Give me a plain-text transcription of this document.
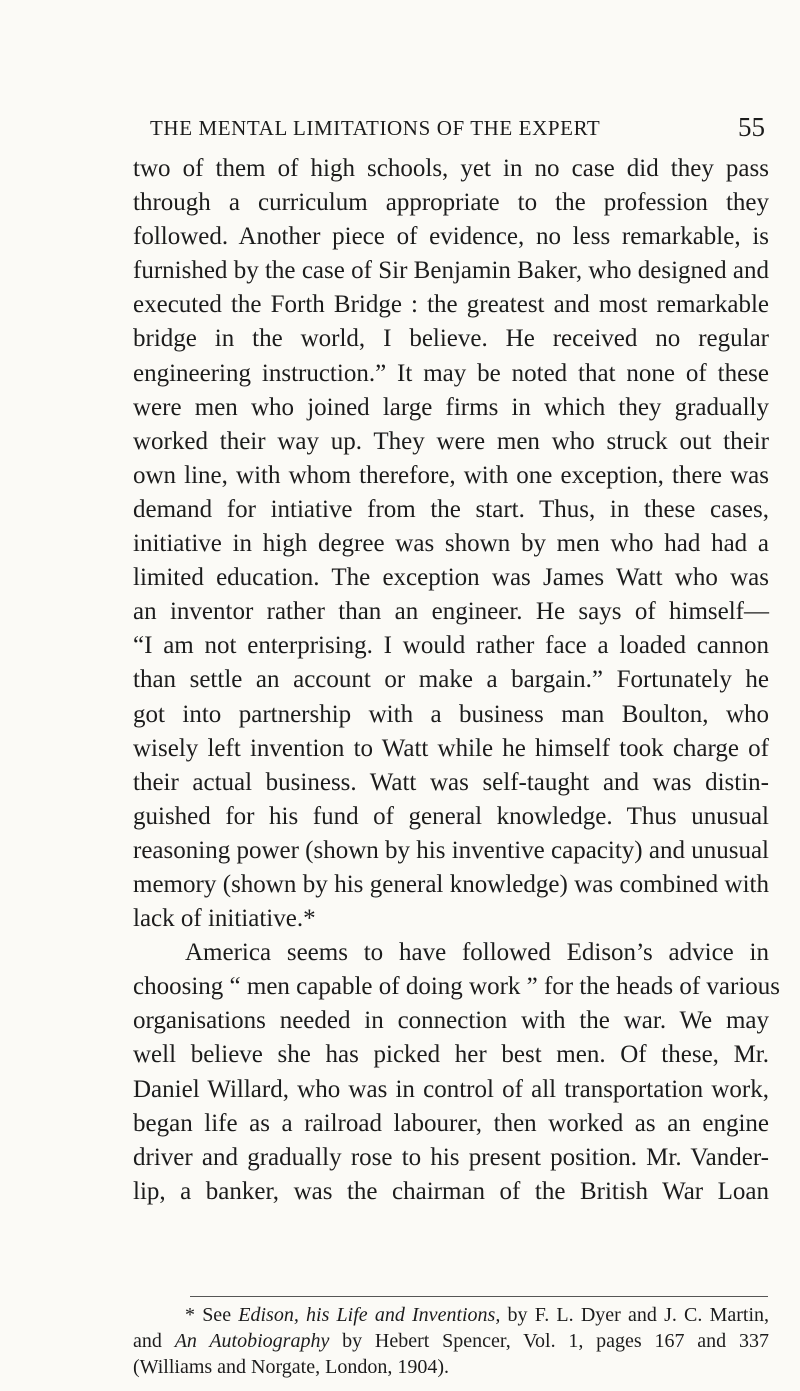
THE MENTAL LIMITATIONS OF THE EXPERT	55
two of them of high schools, yet in no case did they pass
through a curriculum appropriate to the profession they
followed. Another piece of evidence, no less remarkable, is
furnished by the case of Sir Benjamin Baker, who designed and
executed the Forth Bridge : the greatest and most remarkable
bridge in the world, I believe. He received no regular
engineering instruction.” It may be noted that none of these
were men who joined large firms in which they gradually
worked their way up. They were men who struck out their
own line, with whom therefore, with one exception, there was
demand for intiative from the start. Thus, in these cases,
initiative in high degree was shown by men who had had a
limited education. The exception was James Watt who was
an inventor rather than an engineer. He says of himself—
“I am not enterprising. I would rather face a loaded cannon
than settle an account or make a bargain.” Fortunately he
got into partnership with a business man Boulton, who
wisely left invention to Watt while he himself took charge of
their actual business. Watt was self-taught and was distin-
guished for his fund of general knowledge. Thus unusual
reasoning power (shown by his inventive capacity) and unusual
memory (shown by his general knowledge) was combined with
lack of initiative.*
America seems to have followed Edison’s advice in
choosing “ men capable of doing work ” for the heads of various
organisations needed in connection with the war. We may
well believe she has picked her best men. Of these, Mr.
Daniel Willard, who was in control of all transportation work,
began life as a railroad labourer, then worked as an engine
driver and gradually rose to his present position. Mr. Vander-
lip, a banker, was the chairman of the British War Loan
* See Edison, his Life and Inventions, by F. L. Dyer and J. C. Martin,
and An Autobiography by Hebert Spencer, Vol. 1, pages 167 and 337
(Williams and Norgate, London, 1904).
